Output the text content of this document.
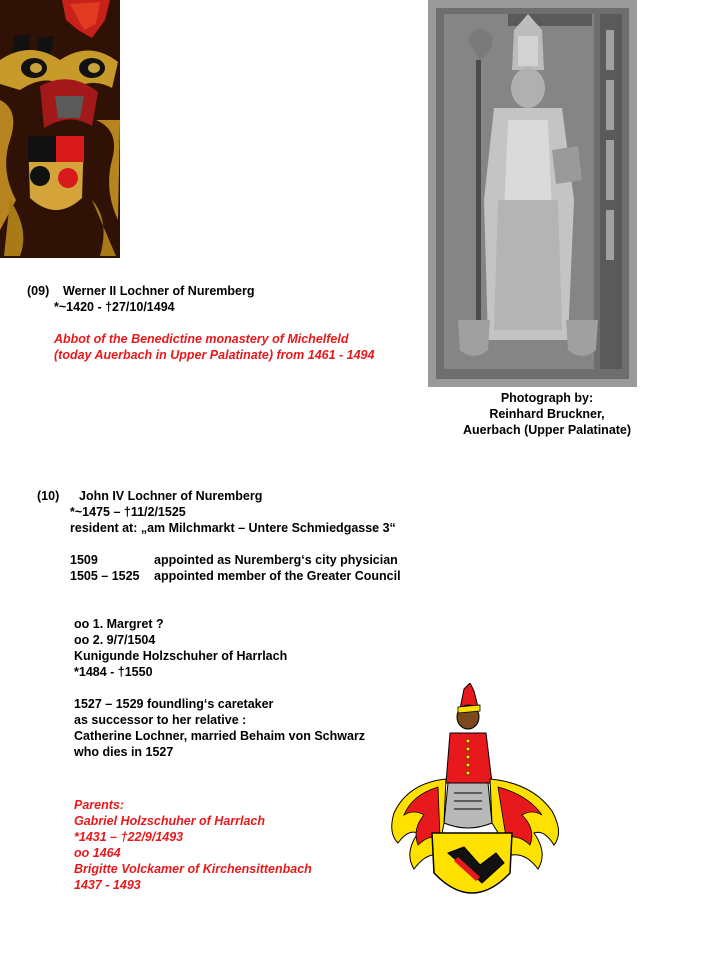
Photograph by:
Reinhard Bruckner,
Auerbach (Upper Palatinate)
(09) Werner II Lochner of Nuremberg
*~1420 - †27/10/1494
Abbot of the Benedictine monastery of Michelfeld
(today Auerbach in Upper Palatinate) from 1461 - 1494
(10) John IV Lochner of Nuremberg
*~1475 – †11/2/1525
resident at: „am Milchmarkt – Untere Schmiedgasse 3“
1509	appointed as Nuremberg‘s city physician
1505 – 1525 appointed member of the Greater Council
oo 1. Margret ?
oo 2. 9/7/1504
Kunigunde Holzschuher of Harrlach
*1484 - †1550
1527 – 1529 foundling‘s caretaker
as successor to her relative :
Catherine Lochner, married Behaim von Schwarz
who dies in 1527
Parents:
Gabriel Holzschuher of Harrlach
*1431 – †22/9/1493
oo 1464
Brigitte Volckamer of Kirchensittenbach
1437 - 1493
